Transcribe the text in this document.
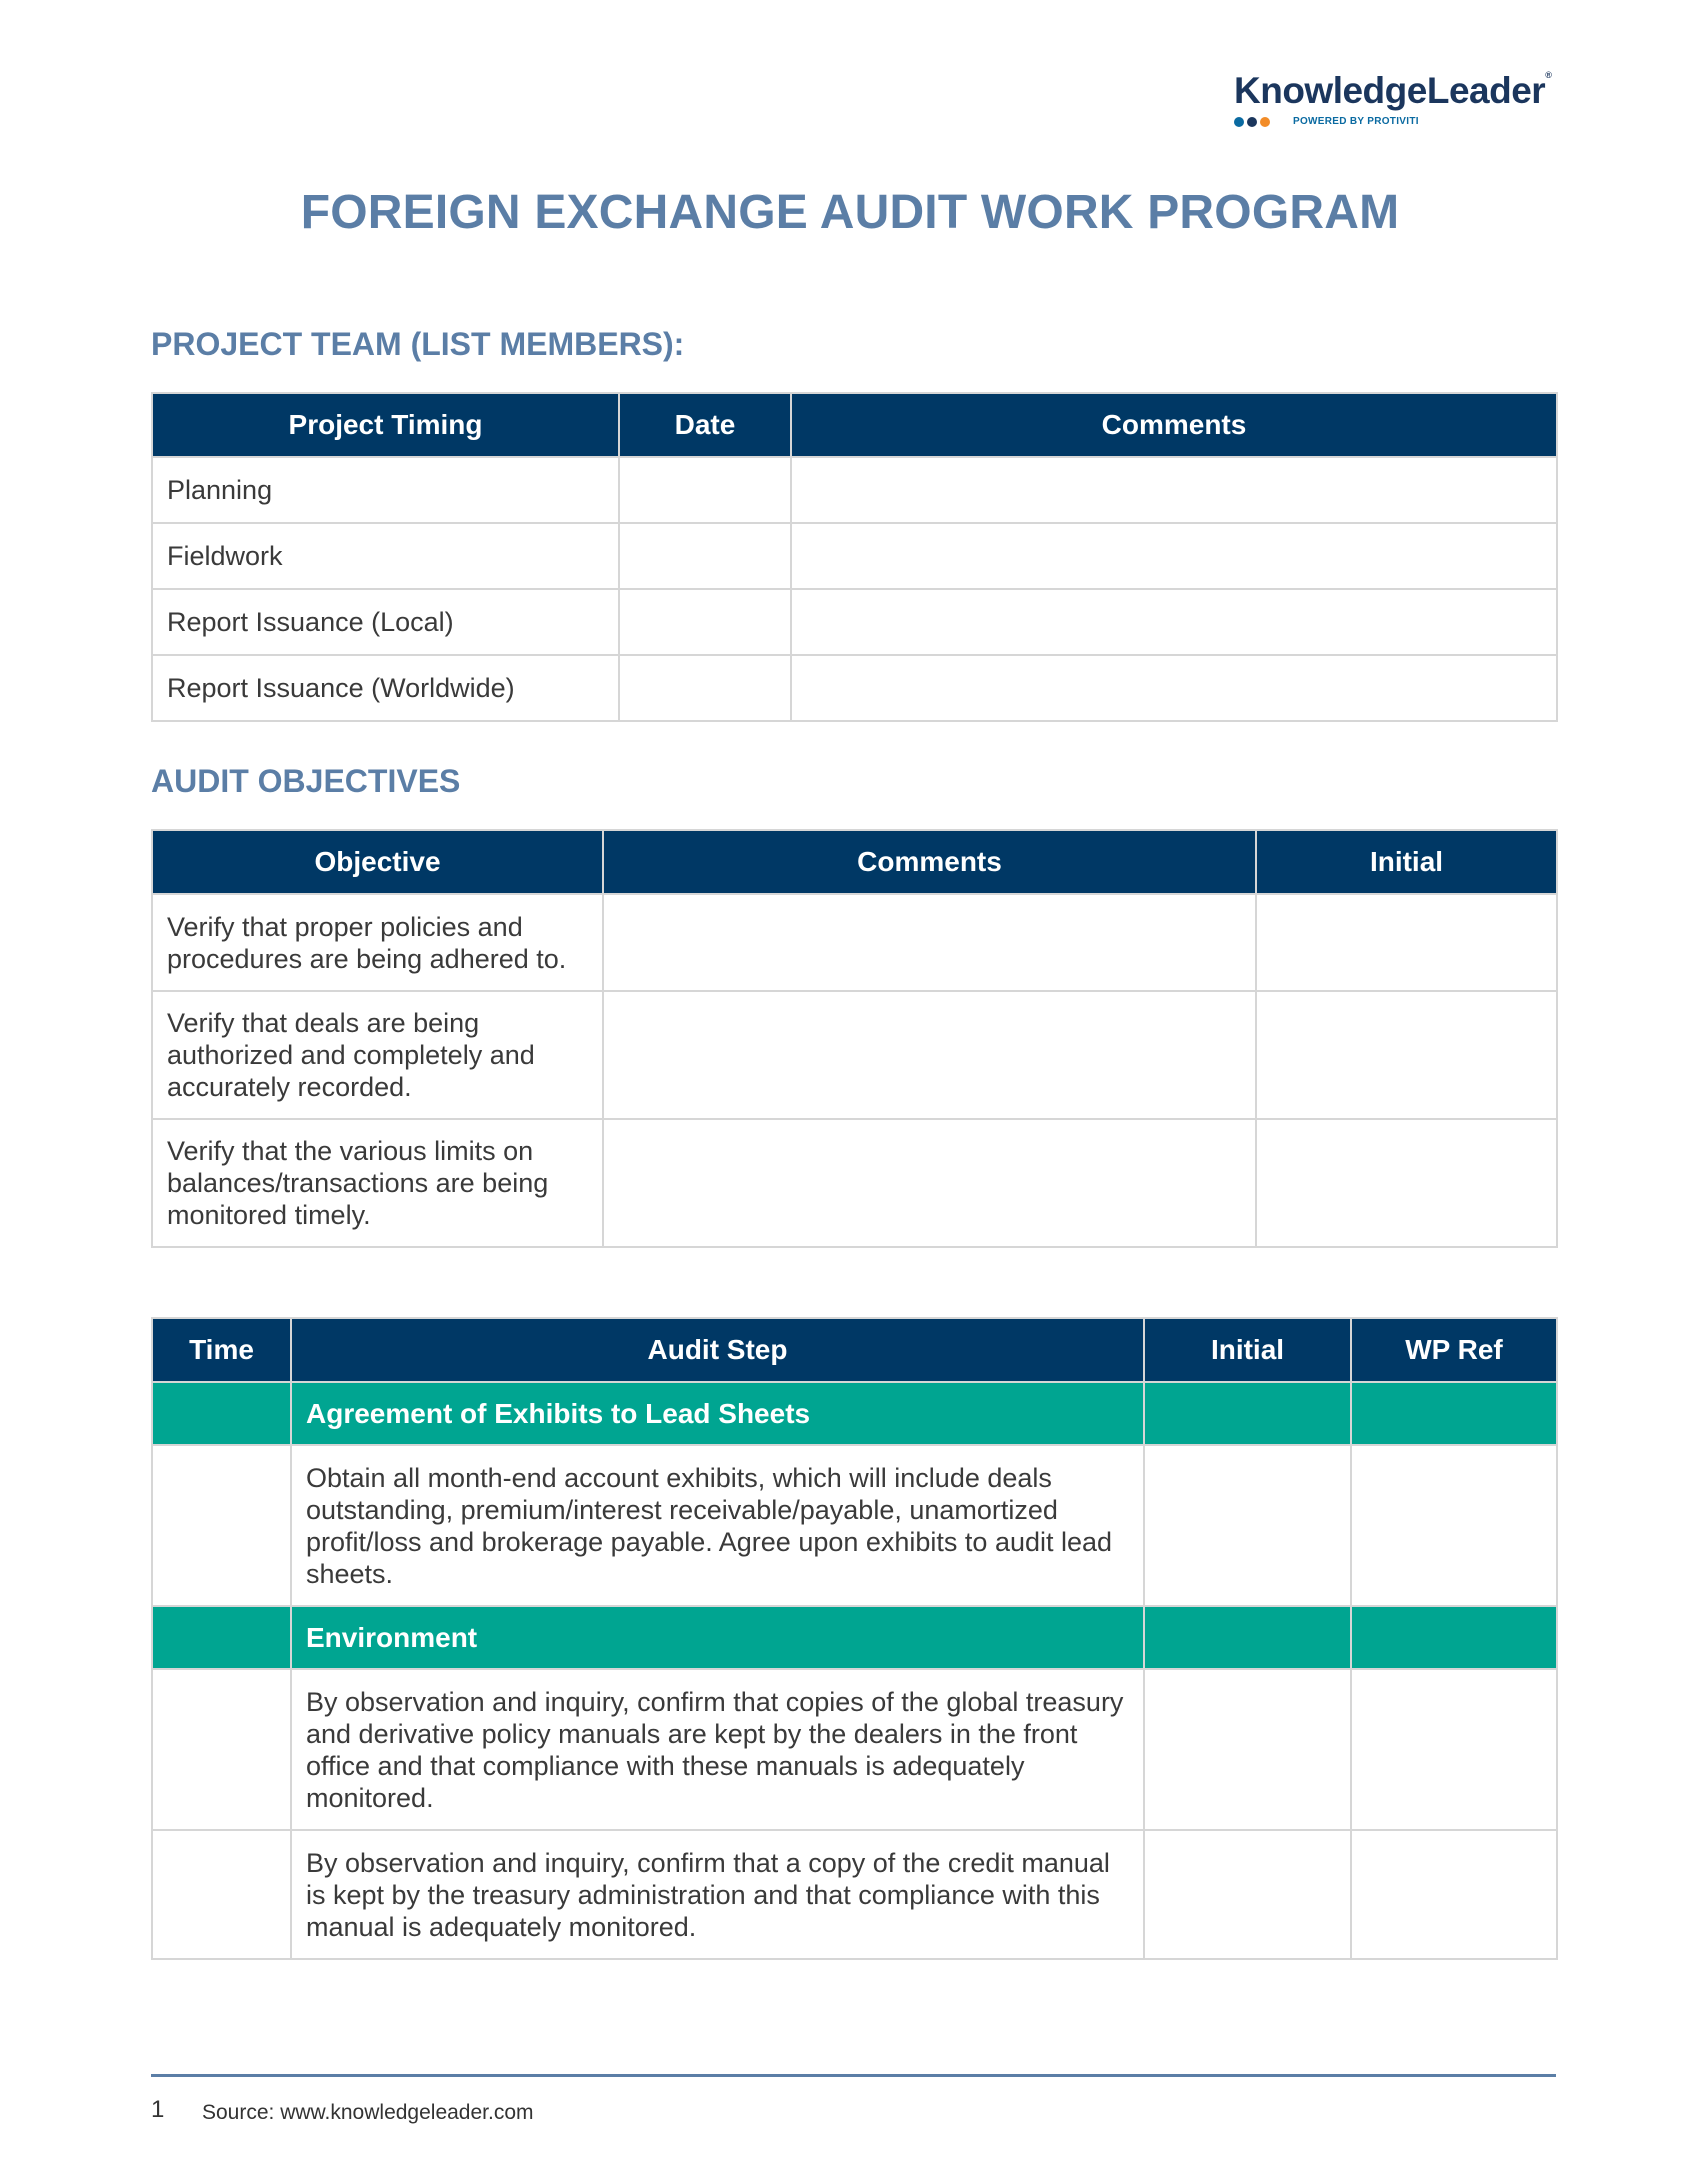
KnowledgeLeader®
POWERED BY PROTIVITI
FOREIGN EXCHANGE AUDIT WORK PROGRAM
PROJECT TEAM (LIST MEMBERS):
Project Timing	Date	Comments
Planning		
Fieldwork		
Report Issuance (Local)		
Report Issuance (Worldwide)		
AUDIT OBJECTIVES
Objective	Comments	Initial
Verify that proper policies and procedures are being adhered to.		
Verify that deals are being authorized and completely and accurately recorded.		
Verify that the various limits on balances/transactions are being monitored timely.		
Time	Audit Step	Initial	WP Ref
	Agreement of Exhibits to Lead Sheets		
	Obtain all month-end account exhibits, which will include deals outstanding, premium/interest receivable/payable, unamortized profit/loss and brokerage payable. Agree upon exhibits to audit lead sheets.		
	Environment		
	By observation and inquiry, confirm that copies of the global treasury and derivative policy manuals are kept by the dealers in the front office and that compliance with these manuals is adequately monitored.		
	By observation and inquiry, confirm that a copy of the credit manual is kept by the treasury administration and that compliance with this manual is adequately monitored.		
1 Source: www.knowledgeleader.com
